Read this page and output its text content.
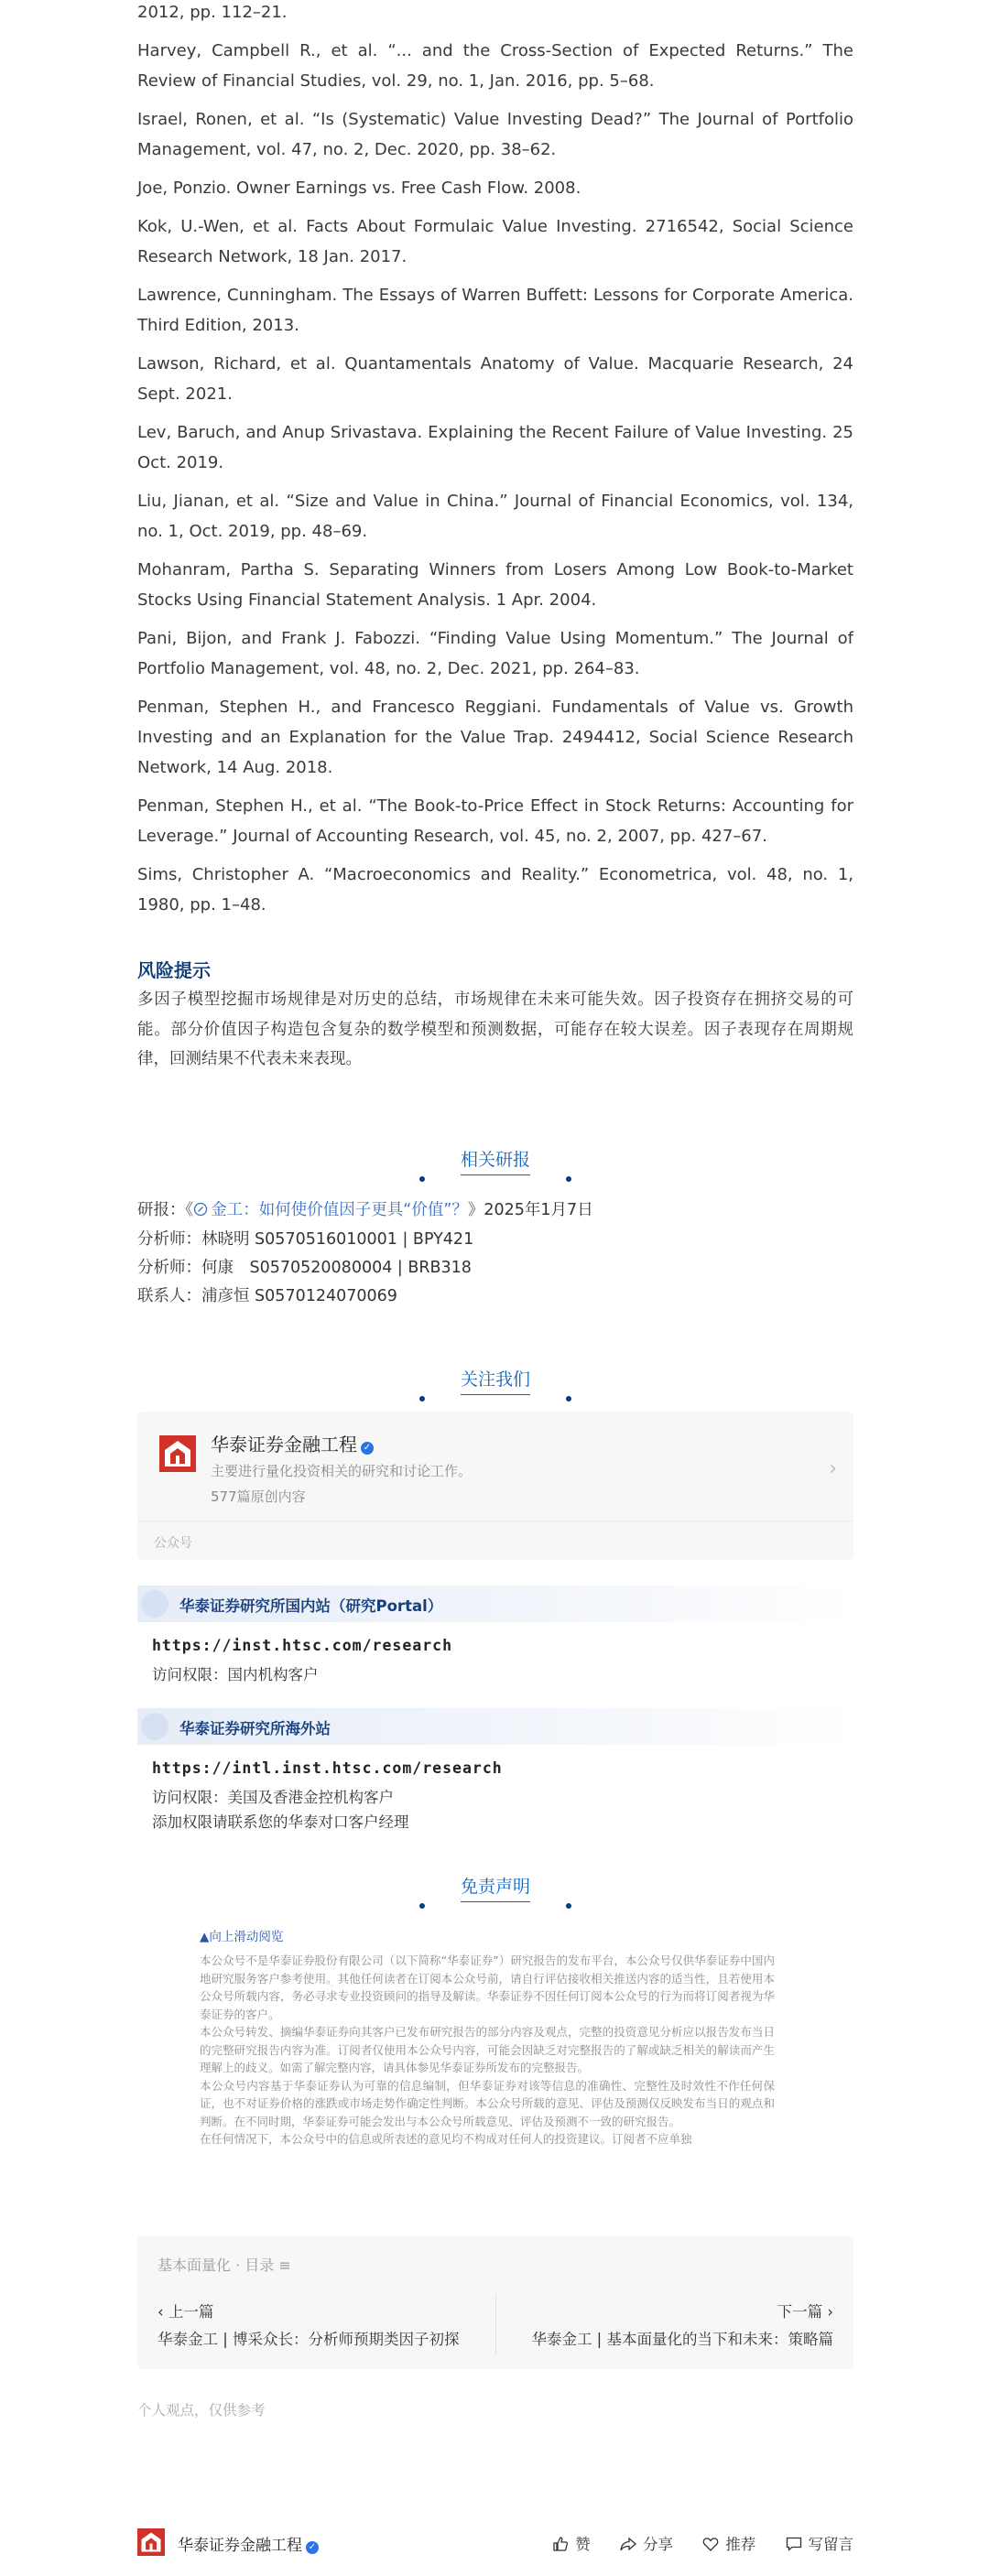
2012, pp. 112–21.

Harvey, Campbell R., et al. “... and the Cross-Section of Expected Returns.” The Review of Financial Studies, vol. 29, no. 1, Jan. 2016, pp. 5–68.

Israel, Ronen, et al. “Is (Systematic) Value Investing Dead?” The Journal of Portfolio Management, vol. 47, no. 2, Dec. 2020, pp. 38–62.

Joe, Ponzio. Owner Earnings vs. Free Cash Flow. 2008.

Kok, U.-Wen, et al. Facts About Formulaic Value Investing. 2716542, Social Science Research Network, 18 Jan. 2017.

Lawrence, Cunningham. The Essays of Warren Buffett: Lessons for Corporate America. Third Edition, 2013.

Lawson, Richard, et al. Quantamentals Anatomy of Value. Macquarie Research, 24 Sept. 2021.

Lev, Baruch, and Anup Srivastava. Explaining the Recent Failure of Value Investing. 25 Oct. 2019.

Liu, Jianan, et al. “Size and Value in China.” Journal of Financial Economics, vol. 134, no. 1, Oct. 2019, pp. 48–69.

Mohanram, Partha S. Separating Winners from Losers Among Low Book-to-Market Stocks Using Financial Statement Analysis. 1 Apr. 2004.

Pani, Bijon, and Frank J. Fabozzi. “Finding Value Using Momentum.” The Journal of Portfolio Management, vol. 48, no. 2, Dec. 2021, pp. 264–83.

Penman, Stephen H., and Francesco Reggiani. Fundamentals of Value vs. Growth Investing and an Explanation for the Value Trap. 2494412, Social Science Research Network, 14 Aug. 2018.

Penman, Stephen H., et al. “The Book-to-Price Effect in Stock Returns: Accounting for Leverage.” Journal of Accounting Research, vol. 45, no. 2, 2007, pp. 427–67.

Sims, Christopher A. “Macroeconomics and Reality.” Econometrica, vol. 48, no. 1, 1980, pp. 1–48.

风险提示
多因子模型挖掘市场规律是对历史的总结，市场规律在未来可能失效。因子投资存在拥挤交易的可能。部分价值因子构造包含复杂的数学模型和预测数据，可能存在较大误差。因子表现存在周期规律，回测结果不代表未来表现。
相关研报
研报：《 金工：如何使价值因子更具“价值”？》2025年1月7日
分析师：林晓明 S0570516010001 | BPY421
分析师：何康　S0570520080004 | BRB318
联系人：浦彦恒 S0570124070069
关注我们
华泰证券金融工程 ✓
主要进行量化投资相关的研究和讨论工作。
577篇原创内容
›
公众号
华泰证券研究所国内站（研究Portal）
https://inst.htsc.com/research
访问权限：国内机构客户
华泰证券研究所海外站
https://intl.inst.htsc.com/research
访问权限：美国及香港金控机构客户
添加权限请联系您的华泰对口客户经理
免责声明
▲向上滑动阅览

本公众号不是华泰证券股份有限公司（以下简称“华泰证券”）研究报告的发布平台，本公众号仅供华泰证券中国内地研究服务客户参考使用。其他任何读者在订阅本公众号前，请自行评估接收相关推送内容的适当性，且若使用本公众号所载内容，务必寻求专业投资顾问的指导及解读。华泰证券不因任何订阅本公众号的行为而将订阅者视为华泰证券的客户。

本公众号转发、摘编华泰证券向其客户已发布研究报告的部分内容及观点，完整的投资意见分析应以报告发布当日的完整研究报告内容为准。订阅者仅使用本公众号内容，可能会因缺乏对完整报告的了解或缺乏相关的解读而产生理解上的歧义。如需了解完整内容，请具体参见华泰证券所发布的完整报告。

本公众号内容基于华泰证券认为可靠的信息编制，但华泰证券对该等信息的准确性、完整性及时效性不作任何保证，也不对证券价格的涨跌或市场走势作确定性判断。本公众号所载的意见、评估及预测仅反映发布当日的观点和判断。在不同时期，华泰证券可能会发出与本公众号所载意见、评估及预测不一致的研究报告。

在任何情况下，本公众号中的信息或所表述的意见均不构成对任何人的投资建议。订阅者不应单独

基本面量化 · 目录 ≡
‹ 上一篇	下一篇 ›
华泰金工 | 博采众长：分析师预期类因子初探	华泰金工 | 基本面量化的当下和未来：策略篇
个人观点，仅供参考
华泰证券金融工程 ✓	赞	分享	推荐	写留言
